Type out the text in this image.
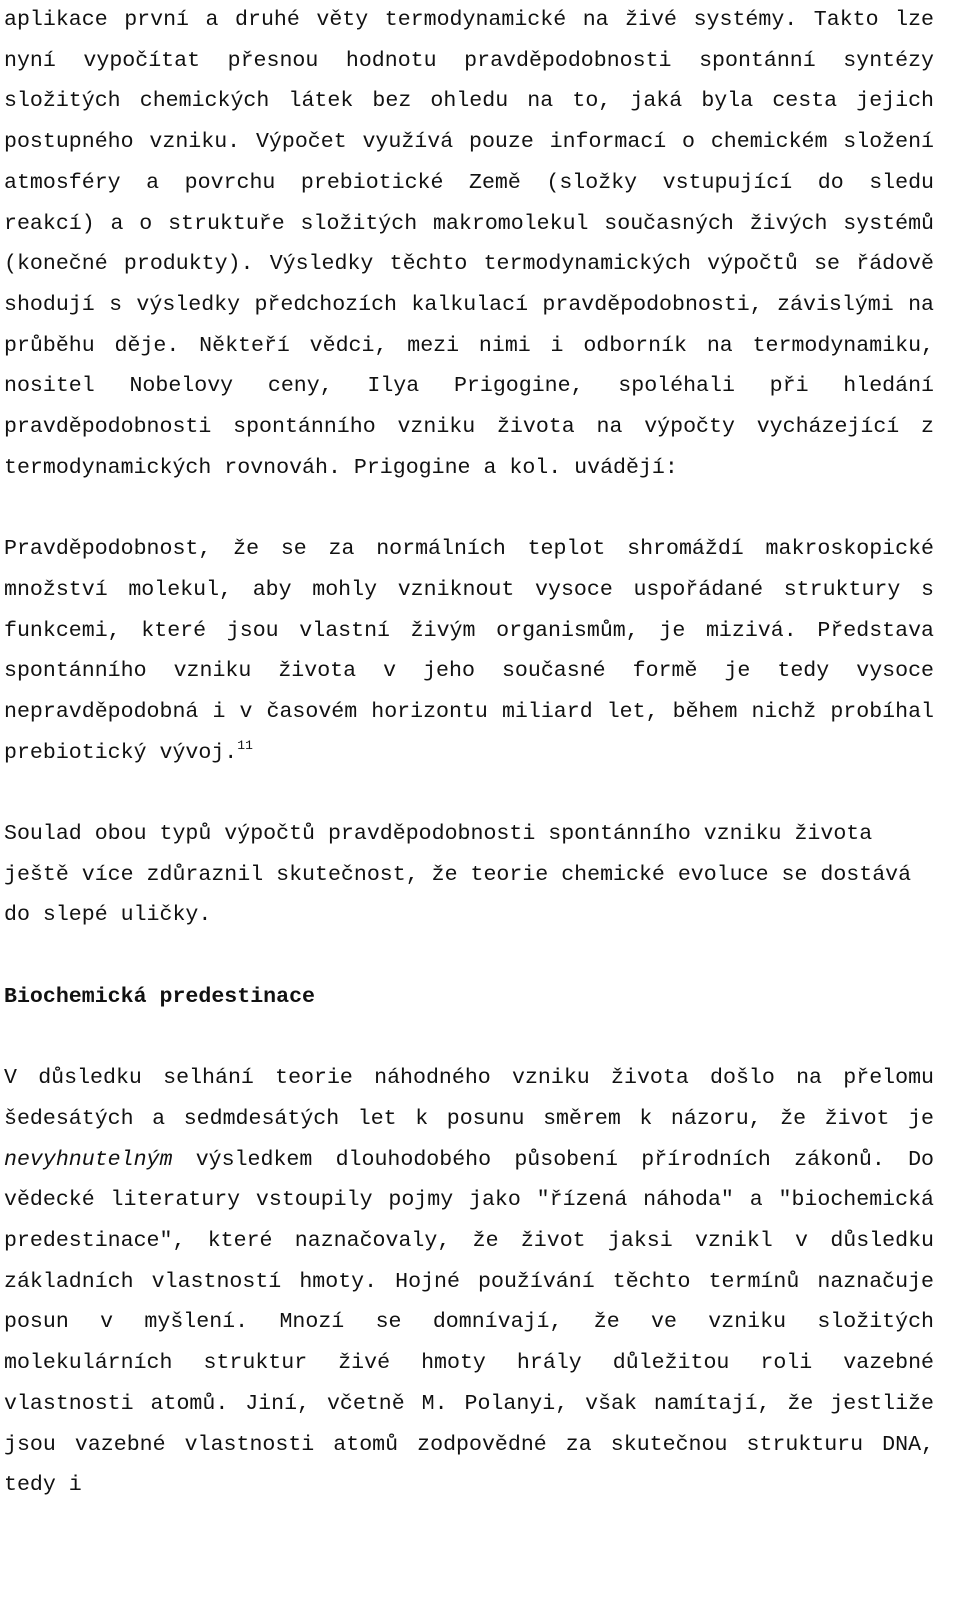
aplikace první a druhé věty termodynamické na živé systémy. Takto lze nyní vypočítat přesnou hodnotu pravděpodobnosti spontánní syntézy složitých chemických látek bez ohledu na to, jaká byla cesta jejich postupného vzniku. Výpočet využívá pouze informací o chemickém složení atmosféry a povrchu prebiotické Země (složky vstupující do sledu reakcí) a o struktuře složitých makromolekul současných živých systémů (konečné produkty). Výsledky těchto termodynamických výpočtů se řádově shodují s výsledky předchozích kalkulací pravděpodobnosti, závislými na průběhu děje. Někteří vědci, mezi nimi i odborník na termodynamiku, nositel Nobelovy ceny, Ilya Prigogine, spoléhali při hledání pravděpodobnosti spontánního vzniku života na výpočty vycházející z termodynamických rovnováh. Prigogine a kol. uvádějí:

Pravděpodobnost, že se za normálních teplot shromáždí makroskopické množství molekul, aby mohly vzniknout vysoce uspořádané struktury s funkcemi, které jsou vlastní živým organismům, je mizivá. Představa spontánního vzniku života v jeho současné formě je tedy vysoce nepravděpodobná i v časovém horizontu miliard let, během nichž probíhal prebiotický vývoj.$^{11}$

Soulad obou typů výpočtů pravděpodobnosti spontánního vzniku života ještě více zdůraznil skutečnost, že teorie chemické evoluce se dostává do slepé uličky.

Biochemická predestinace

V důsledku selhání teorie náhodného vzniku života došlo na přelomu šedesátých a sedmdesátých let k posunu směrem k názoru, že život je nevyhnutelným výsledkem dlouhodobého působení přírodních zákonů. Do vědecké literatury vstoupily pojmy jako "řízená náhoda" a "biochemická predestinace", které naznačovaly, že život jaksi vznikl v důsledku základních vlastností hmoty. Hojné používání těchto termínů naznačuje posun v myšlení. Mnozí se domnívají, že ve vzniku složitých molekulárních struktur živé hmoty hrály důležitou roli vazebné vlastnosti atomů. Jiní, včetně M. Polanyi, však namítají, že jestliže jsou vazebné vlastnosti atomů zodpovědné za skutečnou strukturu DNA, tedy i
